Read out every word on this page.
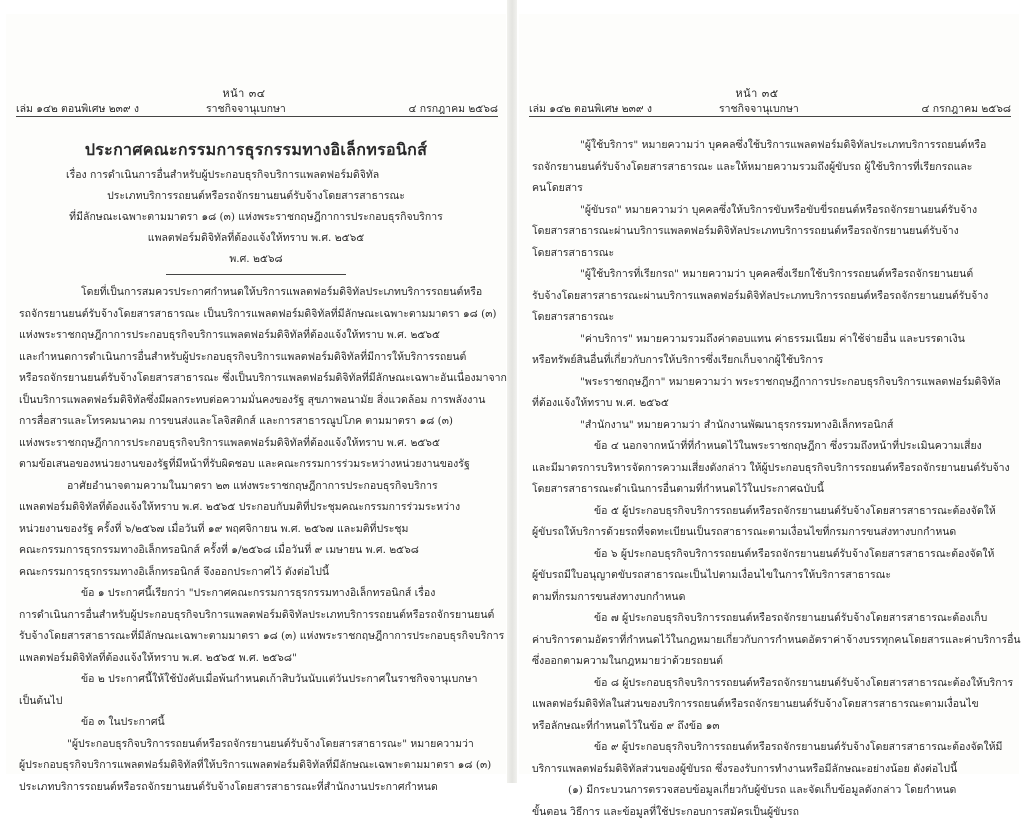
หน้า ๓๔
เล่ม ๑๔๒ ตอนพิเศษ ๒๓๙ ง	ราชกิจจานุเบกษา	๔ กรกฎาคม ๒๕๖๘
ประกาศคณะกรรมการธุรกรรมทางอิเล็กทรอนิกส์
เรื่อง การดำเนินการอื่นสำหรับผู้ประกอบธุรกิจบริการแพลตฟอร์มดิจิทัล
ประเภทบริการรถยนต์หรือรถจักรยานยนต์รับจ้างโดยสารสาธารณะ
ที่มีลักษณะเฉพาะตามมาตรา ๑๘ (๓) แห่งพระราชกฤษฎีกาการประกอบธุรกิจบริการ
แพลตฟอร์มดิจิทัลที่ต้องแจ้งให้ทราบ พ.ศ. ๒๕๖๕
พ.ศ. ๒๕๖๘
โดยที่เป็นการสมควรประกาศกำหนดให้บริการแพลตฟอร์มดิจิทัลประเภทบริการรถยนต์หรือ
รถจักรยานยนต์รับจ้างโดยสารสาธารณะ เป็นบริการแพลตฟอร์มดิจิทัลที่มีลักษณะเฉพาะตามมาตรา ๑๘ (๓)
แห่งพระราชกฤษฎีกาการประกอบธุรกิจบริการแพลตฟอร์มดิจิทัลที่ต้องแจ้งให้ทราบ พ.ศ. ๒๕๖๕
และกำหนดการดำเนินการอื่นสำหรับผู้ประกอบธุรกิจบริการแพลตฟอร์มดิจิทัลที่มีการให้บริการรถยนต์
หรือรถจักรยานยนต์รับจ้างโดยสารสาธารณะ ซึ่งเป็นบริการแพลตฟอร์มดิจิทัลที่มีลักษณะเฉพาะอันเนื่องมาจาก
เป็นบริการแพลตฟอร์มดิจิทัลซึ่งมีผลกระทบต่อความมั่นคงของรัฐ สุขภาพอนามัย สิ่งแวดล้อม การพลังงาน
การสื่อสารและโทรคมนาคม การขนส่งและโลจิสติกส์ และการสาธารณูปโภค ตามมาตรา ๑๘ (๓)
แห่งพระราชกฤษฎีกาการประกอบธุรกิจบริการแพลตฟอร์มดิจิทัลที่ต้องแจ้งให้ทราบ พ.ศ. ๒๕๖๕
ตามข้อเสนอของหน่วยงานของรัฐที่มีหน้าที่รับผิดชอบ และคณะกรรมการร่วมระหว่างหน่วยงานของรัฐ
อาศัยอำนาจตามความในมาตรา ๒๓ แห่งพระราชกฤษฎีกาการประกอบธุรกิจบริการ
แพลตฟอร์มดิจิทัลที่ต้องแจ้งให้ทราบ พ.ศ. ๒๕๖๕ ประกอบกับมติที่ประชุมคณะกรรมการร่วมระหว่าง
หน่วยงานของรัฐ ครั้งที่ ๖/๒๕๖๗ เมื่อวันที่ ๑๙ พฤศจิกายน พ.ศ. ๒๕๖๗ และมติที่ประชุม
คณะกรรมการธุรกรรมทางอิเล็กทรอนิกส์ ครั้งที่ ๑/๒๕๖๘ เมื่อวันที่ ๙ เมษายน พ.ศ. ๒๕๖๘
คณะกรรมการธุรกรรมทางอิเล็กทรอนิกส์ จึงออกประกาศไว้ ดังต่อไปนี้
ข้อ ๑ ประกาศนี้เรียกว่า "ประกาศคณะกรรมการธุรกรรมทางอิเล็กทรอนิกส์ เรื่อง
การดำเนินการอื่นสำหรับผู้ประกอบธุรกิจบริการแพลตฟอร์มดิจิทัลประเภทบริการรถยนต์หรือรถจักรยานยนต์
รับจ้างโดยสารสาธารณะที่มีลักษณะเฉพาะตามมาตรา ๑๘ (๓) แห่งพระราชกฤษฎีกาการประกอบธุรกิจบริการ
แพลตฟอร์มดิจิทัลที่ต้องแจ้งให้ทราบ พ.ศ. ๒๕๖๕ พ.ศ. ๒๕๖๘"
ข้อ ๒ ประกาศนี้ให้ใช้บังคับเมื่อพ้นกำหนดเก้าสิบวันนับแต่วันประกาศในราชกิจจานุเบกษา
เป็นต้นไป
ข้อ ๓ ในประกาศนี้
"ผู้ประกอบธุรกิจบริการรถยนต์หรือรถจักรยานยนต์รับจ้างโดยสารสาธารณะ" หมายความว่า
ผู้ประกอบธุรกิจบริการแพลตฟอร์มดิจิทัลที่ให้บริการแพลตฟอร์มดิจิทัลที่มีลักษณะเฉพาะตามมาตรา ๑๘ (๓)
ประเภทบริการรถยนต์หรือรถจักรยานยนต์รับจ้างโดยสารสาธารณะที่สำนักงานประกาศกำหนด
หน้า ๓๕
เล่ม ๑๔๒ ตอนพิเศษ ๒๓๙ ง	ราชกิจจานุเบกษา	๔ กรกฎาคม ๒๕๖๘
"ผู้ใช้บริการ" หมายความว่า บุคคลซึ่งใช้บริการแพลตฟอร์มดิจิทัลประเภทบริการรถยนต์หรือ
รถจักรยานยนต์รับจ้างโดยสารสาธารณะ และให้หมายความรวมถึงผู้ขับรถ ผู้ใช้บริการที่เรียกรถและ
คนโดยสาร
"ผู้ขับรถ" หมายความว่า บุคคลซึ่งให้บริการขับหรือขับขี่รถยนต์หรือรถจักรยานยนต์รับจ้าง
โดยสารสาธารณะผ่านบริการแพลตฟอร์มดิจิทัลประเภทบริการรถยนต์หรือรถจักรยานยนต์รับจ้าง
โดยสารสาธารณะ
"ผู้ใช้บริการที่เรียกรถ" หมายความว่า บุคคลซึ่งเรียกใช้บริการรถยนต์หรือรถจักรยานยนต์
รับจ้างโดยสารสาธารณะผ่านบริการแพลตฟอร์มดิจิทัลประเภทบริการรถยนต์หรือรถจักรยานยนต์รับจ้าง
โดยสารสาธารณะ
"ค่าบริการ" หมายความรวมถึงค่าตอบแทน ค่าธรรมเนียม ค่าใช้จ่ายอื่น และบรรดาเงิน
หรือทรัพย์สินอื่นที่เกี่ยวกับการให้บริการซึ่งเรียกเก็บจากผู้ใช้บริการ
"พระราชกฤษฎีกา" หมายความว่า พระราชกฤษฎีกาการประกอบธุรกิจบริการแพลตฟอร์มดิจิทัล
ที่ต้องแจ้งให้ทราบ พ.ศ. ๒๕๖๕
"สำนักงาน" หมายความว่า สำนักงานพัฒนาธุรกรรมทางอิเล็กทรอนิกส์
ข้อ ๔ นอกจากหน้าที่ที่กำหนดไว้ในพระราชกฤษฎีกา ซึ่งรวมถึงหน้าที่ประเมินความเสี่ยง
และมีมาตรการบริหารจัดการความเสี่ยงดังกล่าว ให้ผู้ประกอบธุรกิจบริการรถยนต์หรือรถจักรยานยนต์รับจ้าง
โดยสารสาธารณะดำเนินการอื่นตามที่กำหนดไว้ในประกาศฉบับนี้
ข้อ ๕ ผู้ประกอบธุรกิจบริการรถยนต์หรือรถจักรยานยนต์รับจ้างโดยสารสาธารณะต้องจัดให้
ผู้ขับรถให้บริการด้วยรถที่จดทะเบียนเป็นรถสาธารณะตามเงื่อนไขที่กรมการขนส่งทางบกกำหนด
ข้อ ๖ ผู้ประกอบธุรกิจบริการรถยนต์หรือรถจักรยานยนต์รับจ้างโดยสารสาธารณะต้องจัดให้
ผู้ขับรถมีใบอนุญาตขับรถสาธารณะเป็นไปตามเงื่อนไขในการให้บริการสาธารณะ
ตามที่กรมการขนส่งทางบกกำหนด
ข้อ ๗ ผู้ประกอบธุรกิจบริการรถยนต์หรือรถจักรยานยนต์รับจ้างโดยสารสาธารณะต้องเก็บ
ค่าบริการตามอัตราที่กำหนดไว้ในกฎหมายเกี่ยวกับการกำหนดอัตราค่าจ้างบรรทุกคนโดยสารและค่าบริการอื่น
ซึ่งออกตามความในกฎหมายว่าด้วยรถยนต์
ข้อ ๘ ผู้ประกอบธุรกิจบริการรถยนต์หรือรถจักรยานยนต์รับจ้างโดยสารสาธารณะต้องให้บริการ
แพลตฟอร์มดิจิทัลในส่วนของบริการรถยนต์หรือรถจักรยานยนต์รับจ้างโดยสารสาธารณะตามเงื่อนไข
หรือลักษณะที่กำหนดไว้ในข้อ ๙ ถึงข้อ ๑๓
ข้อ ๙ ผู้ประกอบธุรกิจบริการรถยนต์หรือรถจักรยานยนต์รับจ้างโดยสารสาธารณะต้องจัดให้มี
บริการแพลตฟอร์มดิจิทัลส่วนของผู้ขับรถ ซึ่งรองรับการทำงานหรือมีลักษณะอย่างน้อย ดังต่อไปนี้
(๑) มีกระบวนการตรวจสอบข้อมูลเกี่ยวกับผู้ขับรถ และจัดเก็บข้อมูลดังกล่าว โดยกำหนด
ขั้นตอน วิธีการ และข้อมูลที่ใช้ประกอบการสมัครเป็นผู้ขับรถ
